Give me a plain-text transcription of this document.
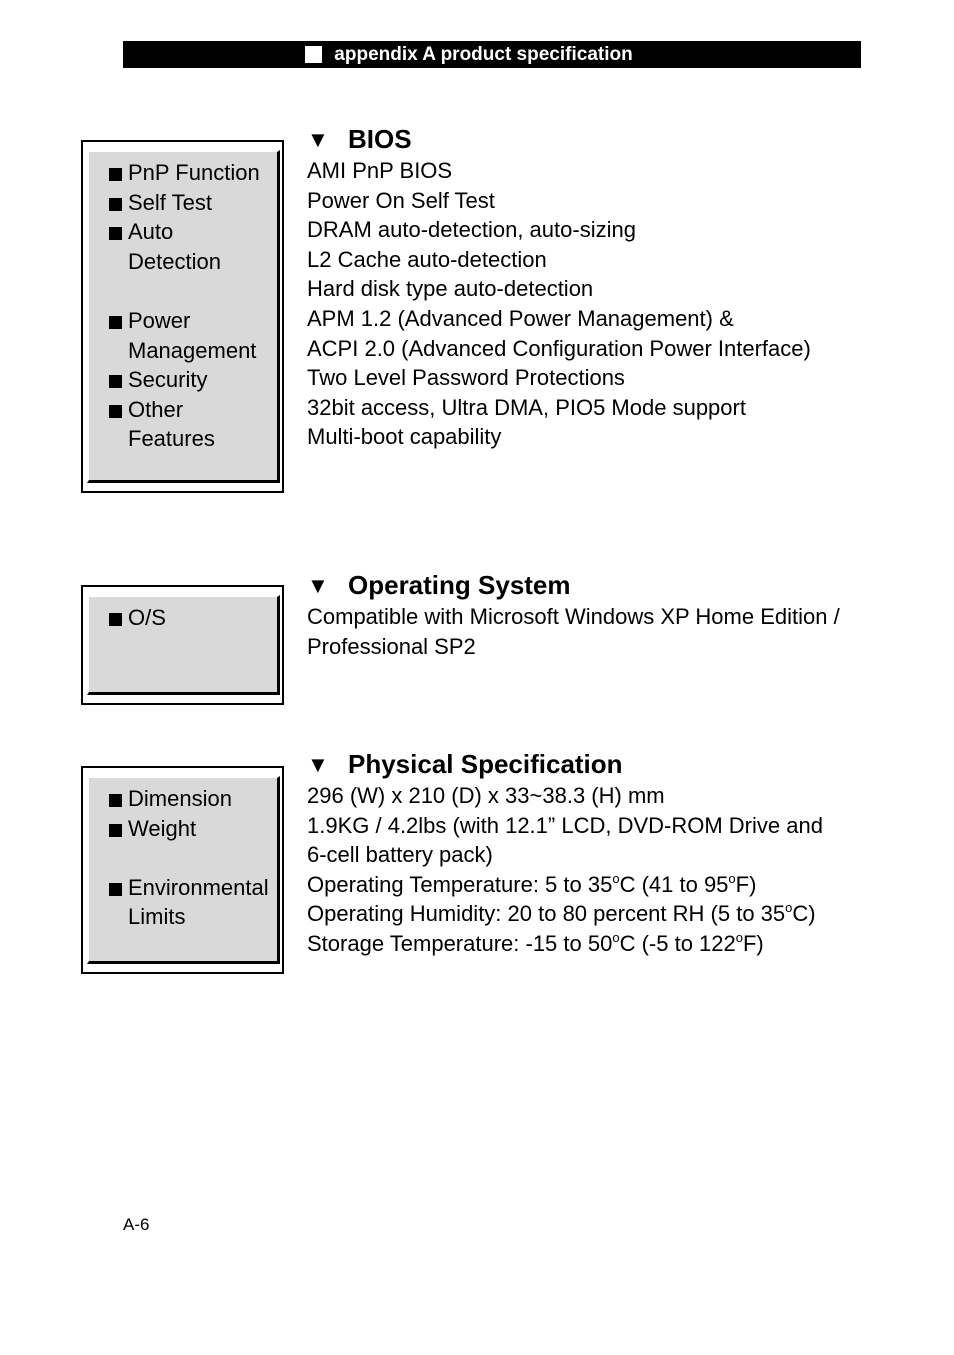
appendix A product specification
PnP Function
Self Test
Auto
Detection

Power
Management
Security
Other
Features
▼ BIOS
AMI PnP BIOS
Power On Self Test
DRAM auto-detection, auto-sizing
L2 Cache auto-detection
Hard disk type auto-detection
APM 1.2 (Advanced Power Management) &
ACPI 2.0 (Advanced Configuration Power Interface)
Two Level Password Protections
32bit access, Ultra DMA, PIO5 Mode support
Multi-boot capability
O/S
▼ Operating System
Compatible with Microsoft Windows XP Home Edition /
Professional SP2
Dimension
Weight

Environmental
Limits
▼ Physical Specification
296 (W) x 210 (D) x 33~38.3 (H) mm
1.9KG / 4.2lbs (with 12.1” LCD, DVD-ROM Drive and
6-cell battery pack)
Operating Temperature: 5 to 35$^o$C (41 to 95$^o$F)
Operating Humidity: 20 to 80 percent RH (5 to 35$^o$C)
Storage Temperature: -15 to 50$^o$C (-5 to 122$^o$F)
A-6
